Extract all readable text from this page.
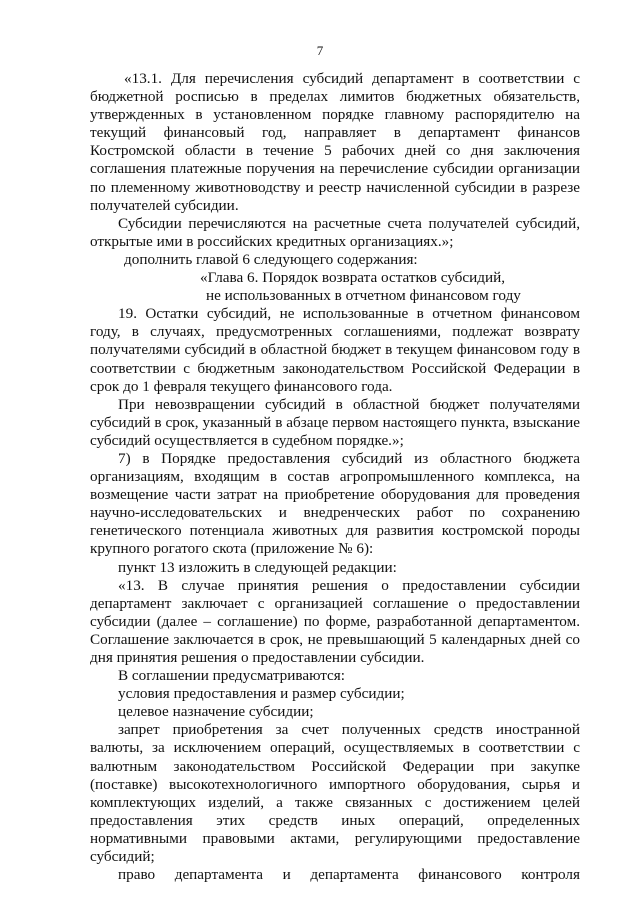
7
«13.1. Для перечисления субсидий департамент в соответствии с
бюджетной росписью в пределах лимитов бюджетных обязательств,
утвержденных в установленном порядке главному распорядителю на
текущий финансовый год, направляет в департамент финансов
Костромской области в течение 5 рабочих дней со дня заключения
соглашения платежные поручения на перечисление субсидии организации
по племенному животноводству и реестр начисленной субсидии в разрезе
получателей субсидии.
Субсидии перечисляются на расчетные счета получателей субсидий,
открытые ими в российских кредитных организациях.»;
дополнить главой 6 следующего содержания:
«Глава 6. Порядок возврата остатков субсидий,
не использованных в отчетном финансовом году
19. Остатки субсидий, не использованные в отчетном финансовом
году, в случаях, предусмотренных соглашениями, подлежат возврату
получателями субсидий в областной бюджет в текущем финансовом году в
соответствии с бюджетным законодательством Российской Федерации в
срок до 1 февраля текущего финансового года.
При невозвращении субсидий в областной бюджет получателями
субсидий в срок, указанный в абзаце первом настоящего пункта, взыскание
субсидий осуществляется в судебном порядке.»;
7) в Порядке предоставления субсидий из областного бюджета
организациям, входящим в состав агропромышленного комплекса, на
возмещение части затрат на приобретение оборудования для проведения
научно-исследовательских и внедренческих работ по сохранению
генетического потенциала животных для развития костромской породы
крупного рогатого скота (приложение № 6):
пункт 13 изложить в следующей редакции:
«13. В случае принятия решения о предоставлении субсидии
департамент заключает с организацией соглашение о предоставлении
субсидии (далее – соглашение) по форме, разработанной департаментом.
Соглашение заключается в срок, не превышающий 5 календарных дней со
дня принятия решения о предоставлении субсидии.
В соглашении предусматриваются:
условия предоставления и размер субсидии;
целевое назначение субсидии;
запрет приобретения за счет полученных средств иностранной
валюты, за исключением операций, осуществляемых в соответствии с
валютным законодательством Российской Федерации при закупке
(поставке) высокотехнологичного импортного оборудования, сырья и
комплектующих изделий, а также связанных с достижением целей
предоставления этих средств иных операций, определенных
нормативными правовыми актами, регулирующими предоставление
субсидий;
право департамента и департамента финансового контроля
